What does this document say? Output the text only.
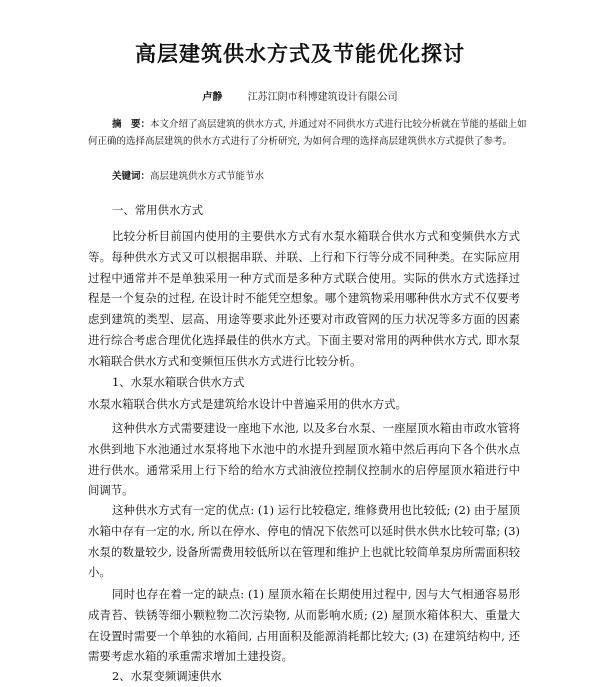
高层建筑供水方式及节能优化探讨
卢静	江苏江阴市科博建筑设计有限公司

摘　要：本文介绍了高层建筑的供水方式, 并通过对不同供水方式进行比较分析就在节能的基础上如何正确的选择高层建筑的供水方式进行了分析研究, 为如何合理的选择高层建筑供水方式提供了参考。

关键词：高层建筑供水方式节能节水

一、常用供水方式

比较分析目前国内使用的主要供水方式有水泵水箱联合供水方式和变频供水方式等。每种供水方式又可以根据串联、并联、上行和下行等分成不同种类。在实际应用过程中通常并不是单独采用一种方式而是多种方式联合使用。实际的供水方式选择过程是一个复杂的过程, 在设计时不能凭空想象。哪个建筑物采用哪种供水方式不仅要考虑到建筑的类型、层高、用途等要求此外还要对市政管网的压力状况等多方面的因素进行综合考虑合理优化选择最佳的供水方式。下面主要对常用的两种供水方式, 即水泵水箱联合供水方式和变频恒压供水方式进行比较分析。

1、水泵水箱联合供水方式

水泵水箱联合供水方式是建筑给水设计中普遍采用的供水方式。

这种供水方式需要建设一座地下水池, 以及多台水泵、一座屋顶水箱由市政水管将水供到地下水池通过水泵将地下水池中的水提升到屋顶水箱中然后再向下各个供水点进行供水。通常采用上行下给的给水方式油液位控制仪控制水的启停屋顶水箱进行中间调节。

这种供水方式有一定的优点: (1) 运行比较稳定, 维修费用也比较低; (2) 由于屋顶水箱中存有一定的水, 所以在停水、停电的情况下依然可以延时供水供水比较可靠; (3) 水泵的数量较少, 设备所需费用较低所以在管理和维护上也就比较简单泵房所需面积较小。

同时也存在着一定的缺点: (1) 屋顶水箱在长期使用过程中, 因与大气相通容易形成青苔、铁锈等细小颗粒物二次污染物, 从而影响水质; (2) 屋顶水箱体积大、重量大在设置时需要一个单独的水箱间, 占用面积及能源消耗都比较大; (3) 在建筑结构中, 还需要考虑水箱的承重需求增加土建投资。

2、水泵变频调速供水
